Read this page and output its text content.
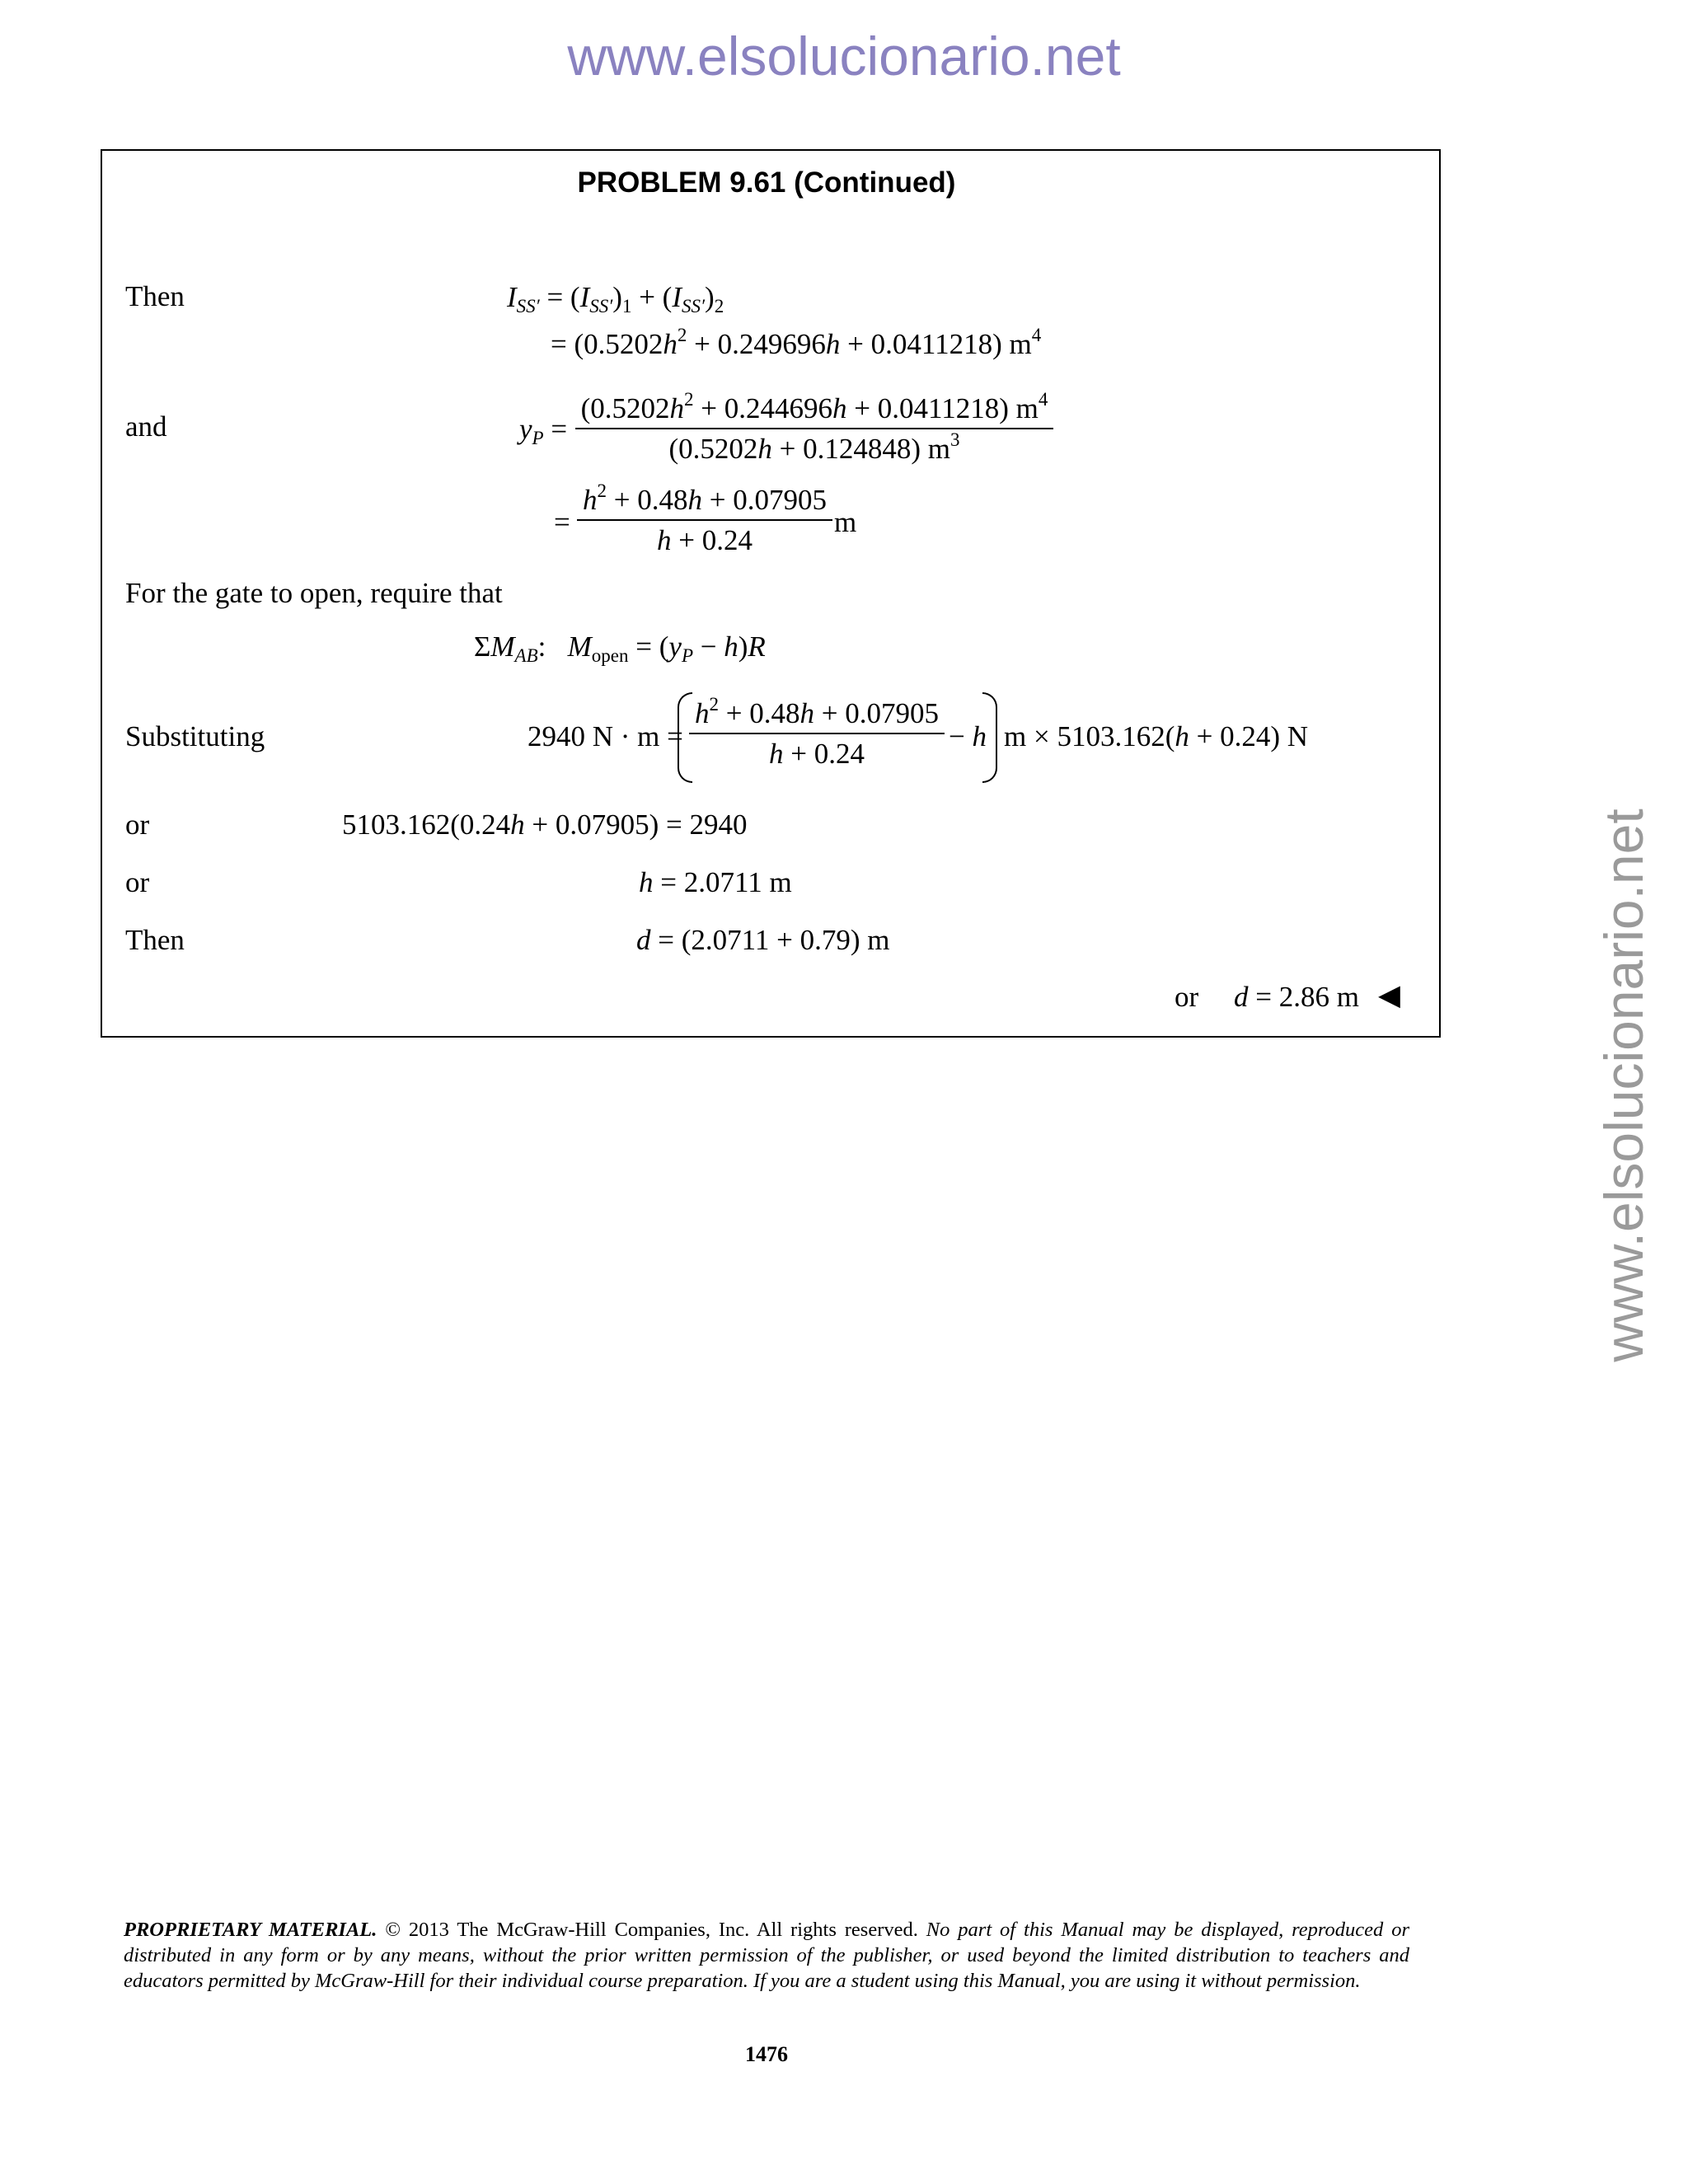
www.elsolucionario.net
www.elsolucionario.net
PROBLEM 9.61 (Continued)
Then	$I_{SS'} = (I_{SS'})_1 + (I_{SS'})_2$
= $(0.5202h^2 + 0.249696h + 0.0411218)$ $m^4$
and	$y_P = \frac{(0.5202h^2 + 0.244696h + 0.0411218) m^4}{(0.5202h + 0.124848) m^3}$
= $\frac{h^2 + 0.48h + 0.07905}{h + 0.24}$ m
For the gate to open, require that
$\Sigma M_{AB}$: $M_{open} = (y_P - h)R$
Substituting	2940 $N \cdot m = \frac{h^2 + 0.48h + 0.07905}{h + 0.24} - h$ m × 5103.162(h + 0.24) N
or	5103.162(0.24h + 0.07905) = 2940
or	h = 2.0711 m
Then	d = (2.0711 + 0.79) m
or d = 2.86 m ◀
PROPRIETARY MATERIAL. © 2013 The McGraw-Hill Companies, Inc. All rights reserved. No part of this Manual may be displayed, reproduced or distributed in any form or by any means, without the prior written permission of the publisher, or used beyond the limited distribution to teachers and educators permitted by McGraw-Hill for their individual course preparation. If you are a student using this Manual, you are using it without permission.
1476
